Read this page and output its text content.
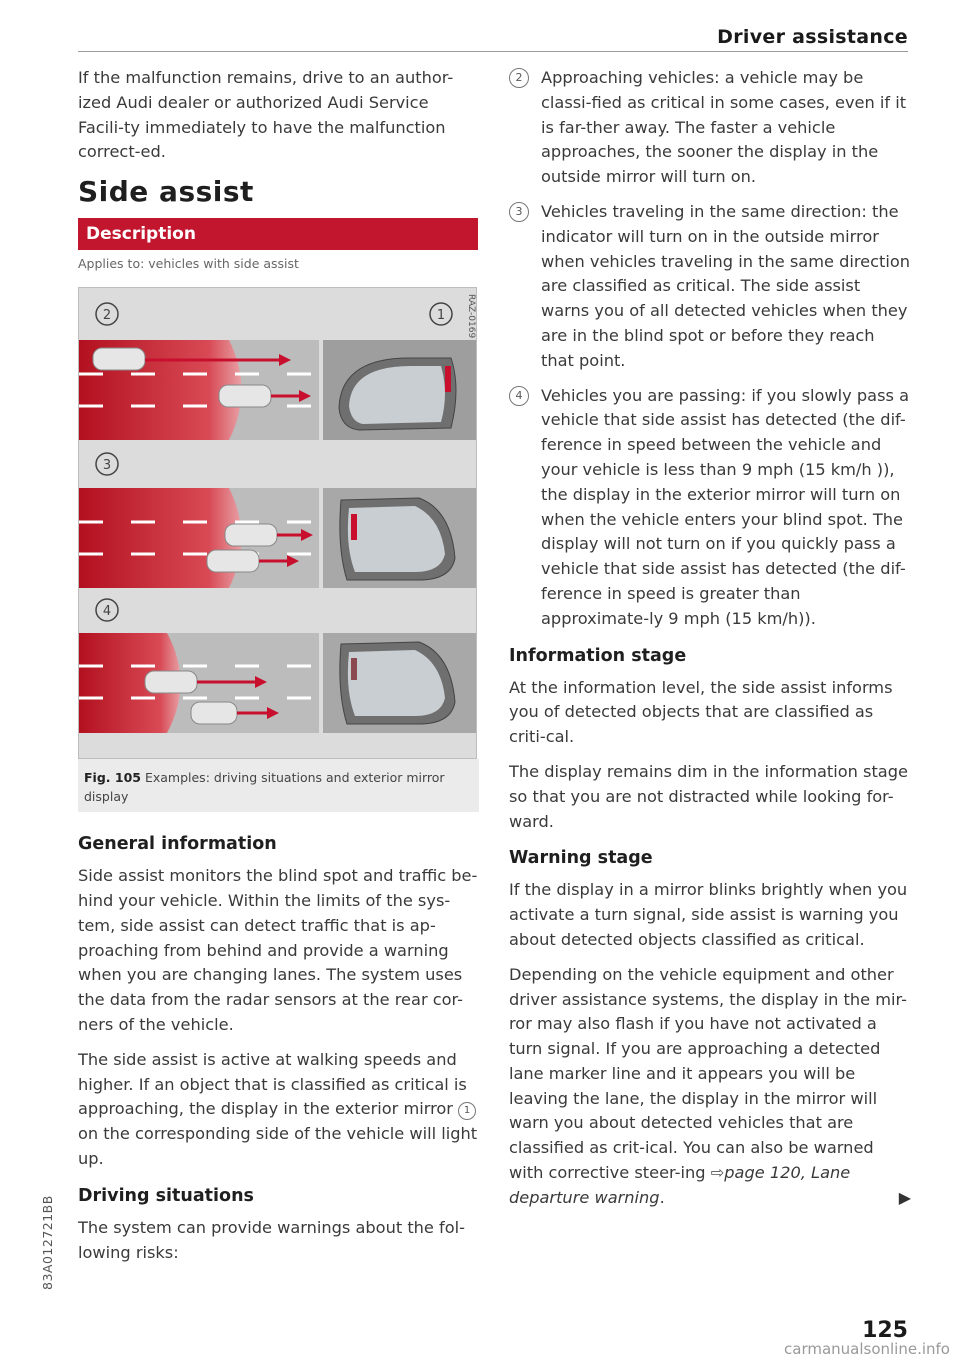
Driver assistance

If the malfunction remains, drive to an author-ized Audi dealer or authorized Audi Service Facili-ty immediately to have the malfunction correct-ed.

Side assist
Description
Applies to: vehicles with side assist
2	1
3
4
RAZ-0169
Fig. 105 Examples: driving situations and exterior mirror display
General information

Side assist monitors the blind spot and traffic be-hind your vehicle. Within the limits of the sys-tem, side assist can detect traffic that is ap-proaching from behind and provide a warning when you are changing lanes. The system uses the data from the radar sensors at the rear cor-ners of the vehicle.

The side assist is active at walking speeds and higher. If an object that is classified as critical is approaching, the display in the exterior mirror 1 on the corresponding side of the vehicle will light up.

Driving situations

The system can provide warnings about the fol-lowing risks:

2	Approaching vehicles: a vehicle may be classi-fied as critical in some cases, even if it is far-ther away. The faster a vehicle approaches, the sooner the display in the outside mirror will turn on.

3	Vehicles traveling in the same direction: the indicator will turn on in the outside mirror when vehicles traveling in the same direction are classified as critical. The side assist warns you of all detected vehicles when they are in the blind spot or before they reach that point.

4	Vehicles you are passing: if you slowly pass a vehicle that side assist has detected (the dif-ference in speed between the vehicle and your vehicle is less than 9 mph (15 km/h )), the display in the exterior mirror will turn on when the vehicle enters your blind spot. The display will not turn on if you quickly pass a vehicle that side assist has detected (the dif-ference in speed is greater than approximate-ly 9 mph (15 km/h)).

Information stage

At the information level, the side assist informs you of detected objects that are classified as criti-cal.

The display remains dim in the information stage so that you are not distracted while looking for-ward.

Warning stage

If the display in a mirror blinks brightly when you activate a turn signal, side assist is warning you about detected objects classified as critical.

Depending on the vehicle equipment and other driver assistance systems, the display in the mir-ror may also flash if you have not activated a turn signal. If you are approaching a detected lane marker line and it appears you will be leaving the lane, the display in the mirror will warn you about detected vehicles that are classified as crit-ical. You can also be warned with corrective steer-ing ⇨page 120, Lane departure warning.	▶

83A012721BB
125
carmanualsonline.info
